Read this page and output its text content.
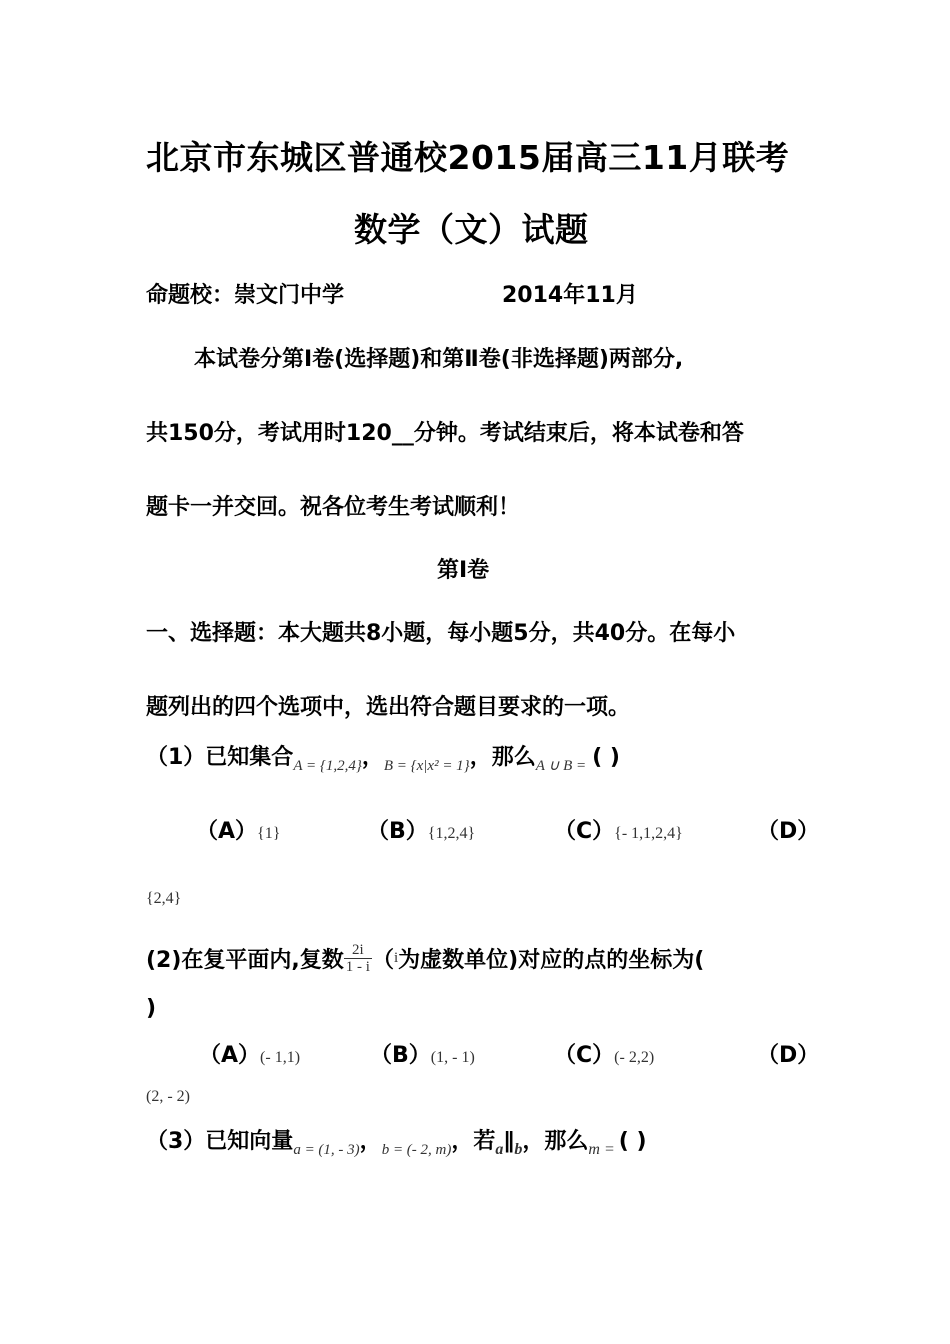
北京市东城区普通校2015届高三11月联考
数学（文）试题
命题校：崇文门中学	2014年11月
本试卷分第Ⅰ卷(选择题)和第Ⅱ卷(非选择题)两部分,
共150分，考试用时120__分钟。考试结束后，将本试卷和答
题卡一并交回。祝各位考生考试顺利！
第Ⅰ卷
一、选择题：本大题共8小题，每小题5分，共40分。在每小
题列出的四个选项中，选出符合题目要求的一项。
（1）已知集合A = {1,2,4}，B = {x|x² = 1}，那么A ∪ B = ( )
（A）{1}	（B）{1,2,4}	（C）{- 1,1,2,4}	（D）
{2,4}
(2)在复平面内,复数 $\frac{2i}{1 - i} (i$为虚数单位)对应的点的坐标为(
)
（A）(- 1,1)	（B）(1, - 1)	（C）(- 2,2)	（D）
(2, - 2)
（3）已知向量a = (1, - 3)，b = (- 2, m)，若a∥b，那么m = ( )
